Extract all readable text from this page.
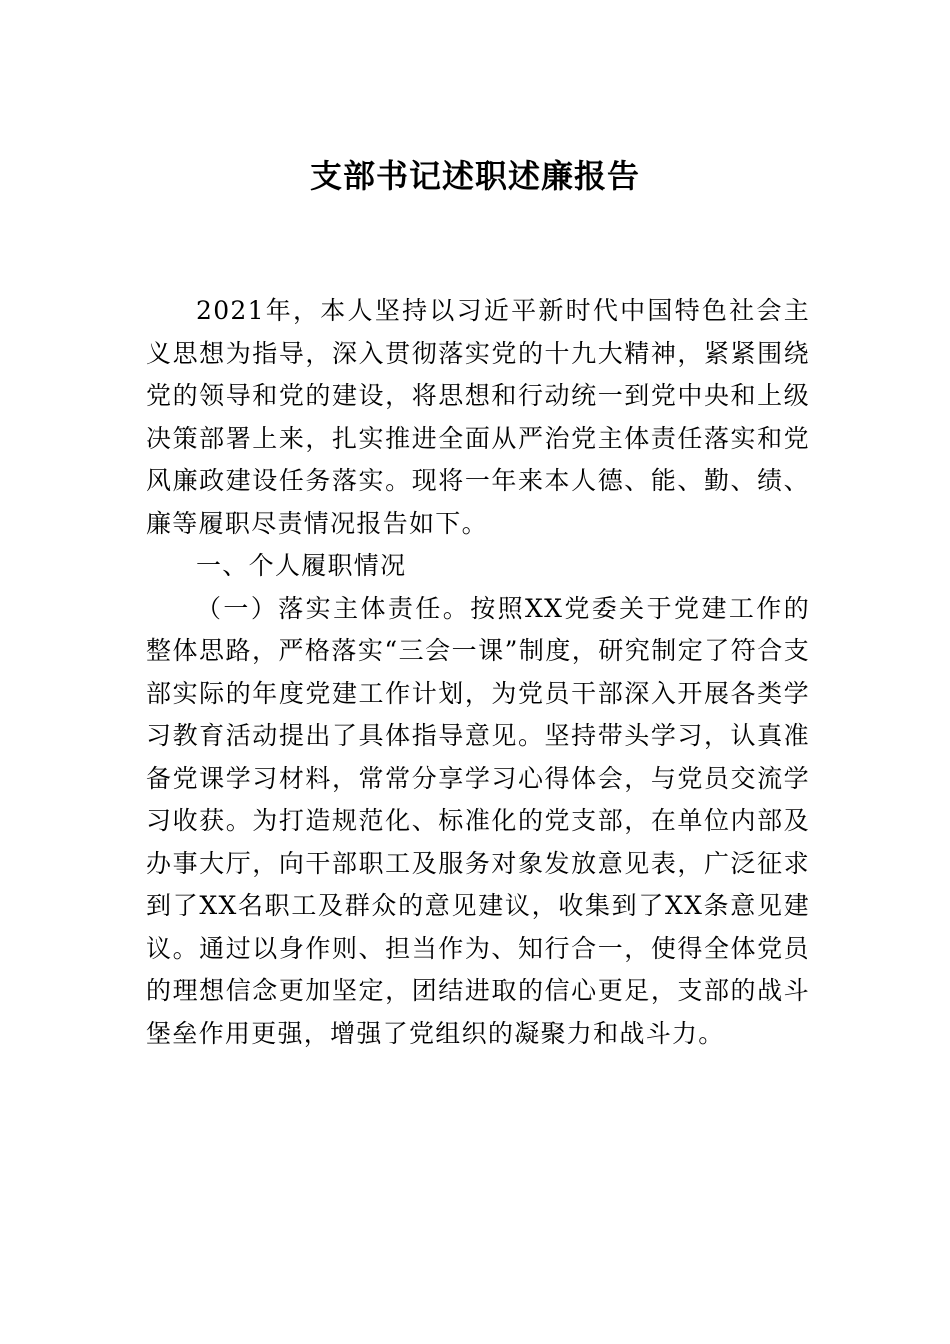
支部书记述职述廉报告

2021年，本人坚持以习近平新时代中国特色社会主义思想为指导，深入贯彻落实党的十九大精神，紧紧围绕党的领导和党的建设，将思想和行动统一到党中央和上级决策部署上来，扎实推进全面从严治党主体责任落实和党风廉政建设任务落实。现将一年来本人德、能、勤、绩、廉等履职尽责情况报告如下。

一、个人履职情况

（一）落实主体责任。按照XX党委关于党建工作的整体思路，严格落实“三会一课”制度，研究制定了符合支部实际的年度党建工作计划，为党员干部深入开展各类学习教育活动提出了具体指导意见。坚持带头学习，认真准备党课学习材料，常常分享学习心得体会，与党员交流学习收获。为打造规范化、标准化的党支部，在单位内部及办事大厅，向干部职工及服务对象发放意见表，广泛征求到了XX名职工及群众的意见建议，收集到了XX条意见建议。通过以身作则、担当作为、知行合一，使得全体党员的理想信念更加坚定，团结进取的信心更足，支部的战斗堡垒作用更强，增强了党组织的凝聚力和战斗力。
